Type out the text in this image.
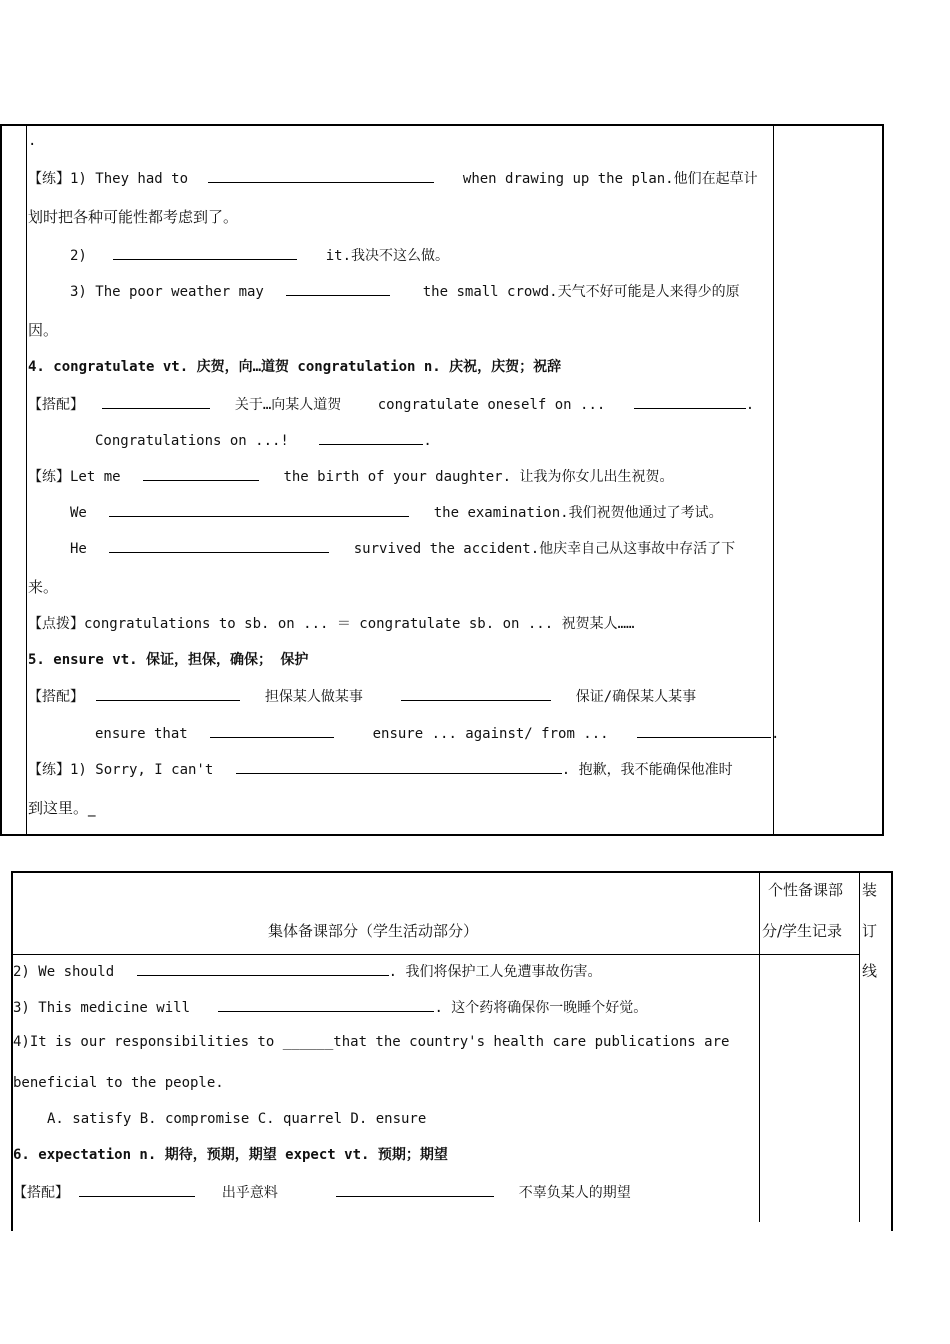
.
【练】1) They had to	when drawing up the plan.他们在起草计
划时把各种可能性都考虑到了。
2)	it.我决不这么做。
3) The poor weather may	the small crowd.天气不好可能是人来得少的原
因。
4. congratulate vt. 庆贺，向…道贺 congratulation n. 庆祝，庆贺；祝辞
【搭配】	关于…向某人道贺	congratulate oneself on ...	.
Congratulations on ...!	.
【练】Let me	the birth of your daughter. 让我为你女儿出生祝贺。
We	the examination.我们祝贺他通过了考试。
He	survived the accident.他庆幸自己从这事故中存活了下
来。
【点拨】congratulations to sb. on ... ＝ congratulate sb. on ... 祝贺某人……
5. ensure vt. 保证，担保，确保； 保护
【搭配】	担保某人做某事	保证/确保某人某事
ensure that	ensure ... against/ from ...	.
【练】1) Sorry, I can't	. 抱歉，我不能确保他准时
到这里。_
集体备课部分（学生活动部分）
个性备课部
分/学生记录
装
订
线
2) We should	. 我们将保护工人免遭事故伤害。
3) This medicine will	. 这个药将确保你一晚睡个好觉。
4)It is our responsibilities to ______that the country's health care publications are
beneficial to the people.
A. satisfy B. compromise C. quarrel D. ensure
6. expectation n. 期待，预期，期望 expect vt. 预期；期望
【搭配】	出乎意料	不辜负某人的期望
